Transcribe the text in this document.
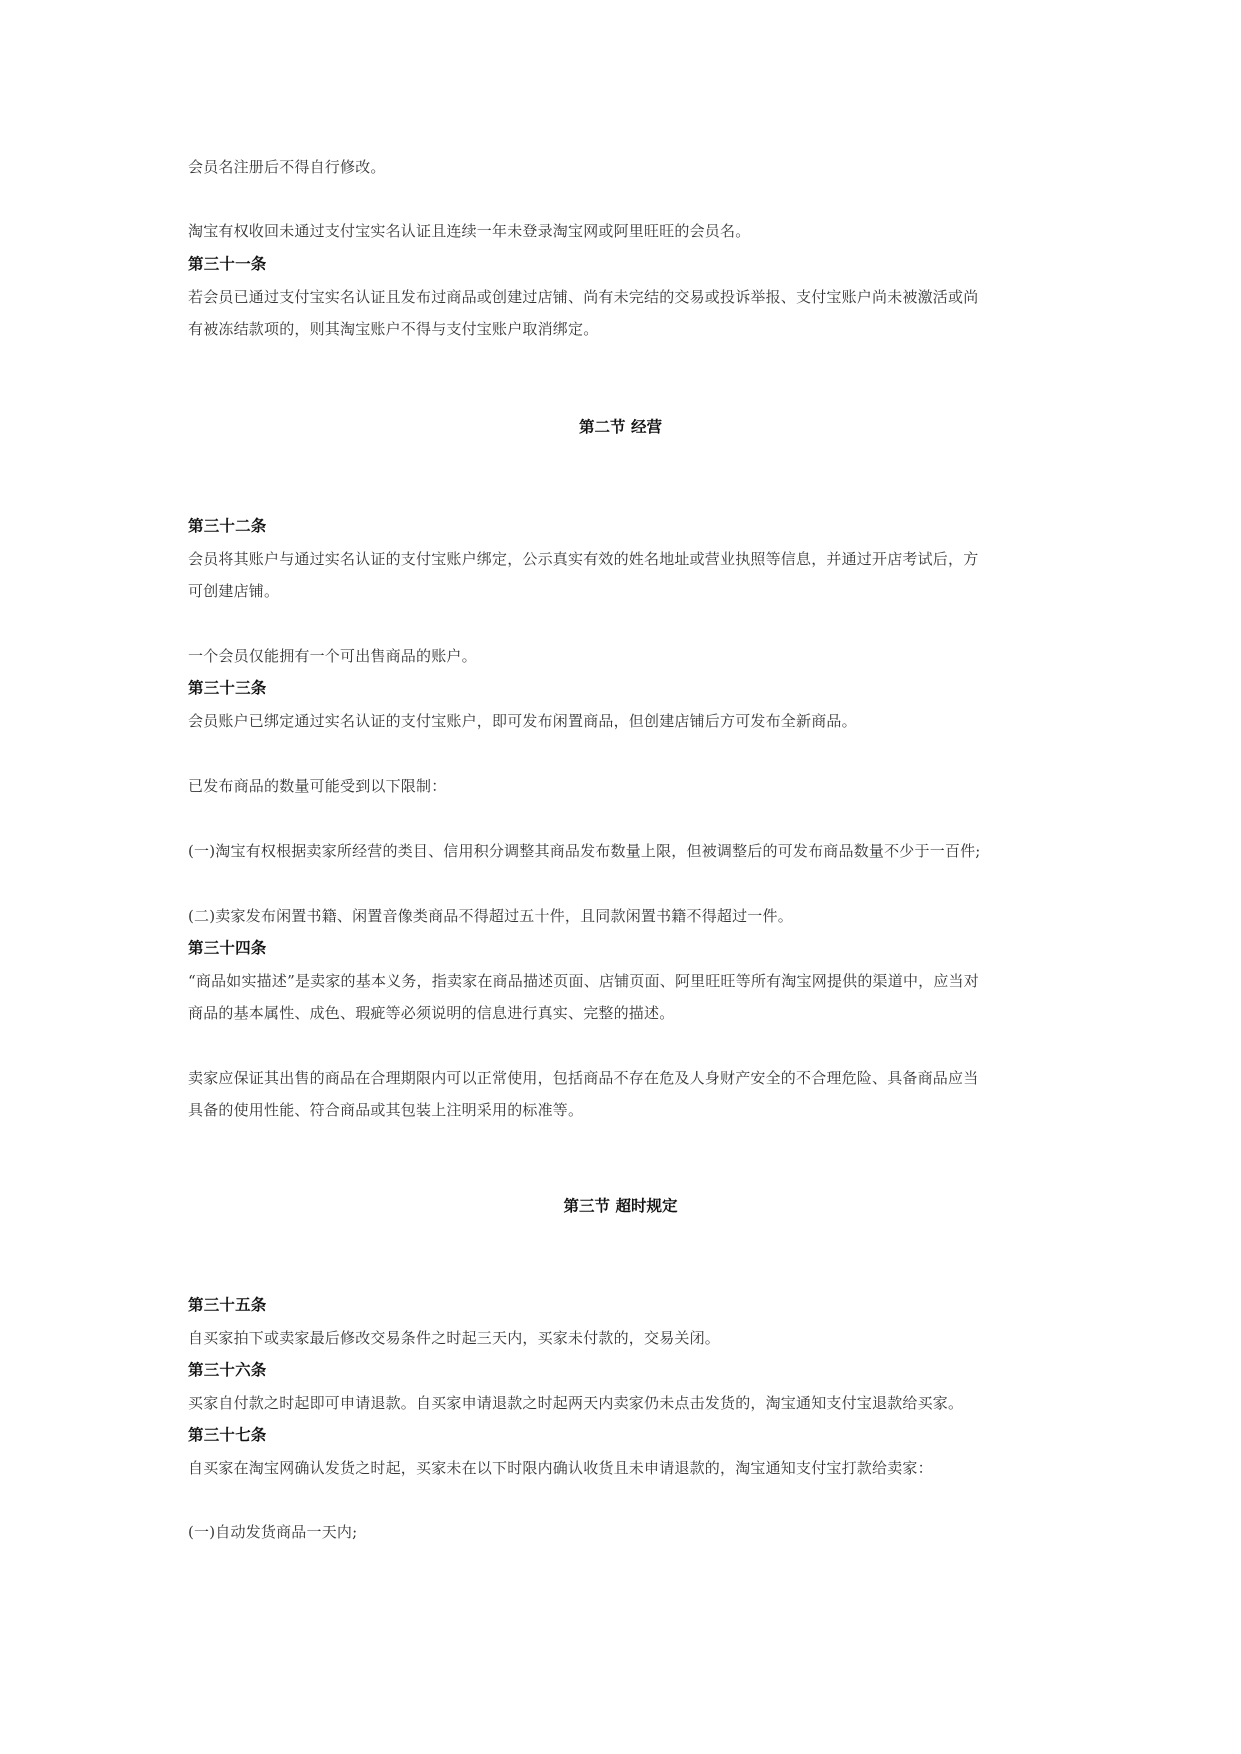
会员名注册后不得自行修改。
淘宝有权收回未通过支付宝实名认证且连续一年未登录淘宝网或阿里旺旺的会员名。
第三十一条
若会员已通过支付宝实名认证且发布过商品或创建过店铺、尚有未完结的交易或投诉举报、支付宝账户尚未被激活或尚
有被冻结款项的，则其淘宝账户不得与支付宝账户取消绑定。
第二节 经营
第三十二条
会员将其账户与通过实名认证的支付宝账户绑定，公示真实有效的姓名地址或营业执照等信息，并通过开店考试后，方
可创建店铺。
一个会员仅能拥有一个可出售商品的账户。
第三十三条
会员账户已绑定通过实名认证的支付宝账户，即可发布闲置商品，但创建店铺后方可发布全新商品。
已发布商品的数量可能受到以下限制：
(一)淘宝有权根据卖家所经营的类目、信用积分调整其商品发布数量上限，但被调整后的可发布商品数量不少于一百件;
(二)卖家发布闲置书籍、闲置音像类商品不得超过五十件，且同款闲置书籍不得超过一件。
第三十四条
“商品如实描述”是卖家的基本义务，指卖家在商品描述页面、店铺页面、阿里旺旺等所有淘宝网提供的渠道中，应当对
商品的基本属性、成色、瑕疵等必须说明的信息进行真实、完整的描述。
卖家应保证其出售的商品在合理期限内可以正常使用，包括商品不存在危及人身财产安全的不合理危险、具备商品应当
具备的使用性能、符合商品或其包装上注明采用的标准等。
第三节 超时规定
第三十五条
自买家拍下或卖家最后修改交易条件之时起三天内，买家未付款的，交易关闭。
第三十六条
买家自付款之时起即可申请退款。自买家申请退款之时起两天内卖家仍未点击发货的，淘宝通知支付宝退款给买家。
第三十七条
自买家在淘宝网确认发货之时起，买家未在以下时限内确认收货且未申请退款的，淘宝通知支付宝打款给卖家：
(一)自动发货商品一天内;
